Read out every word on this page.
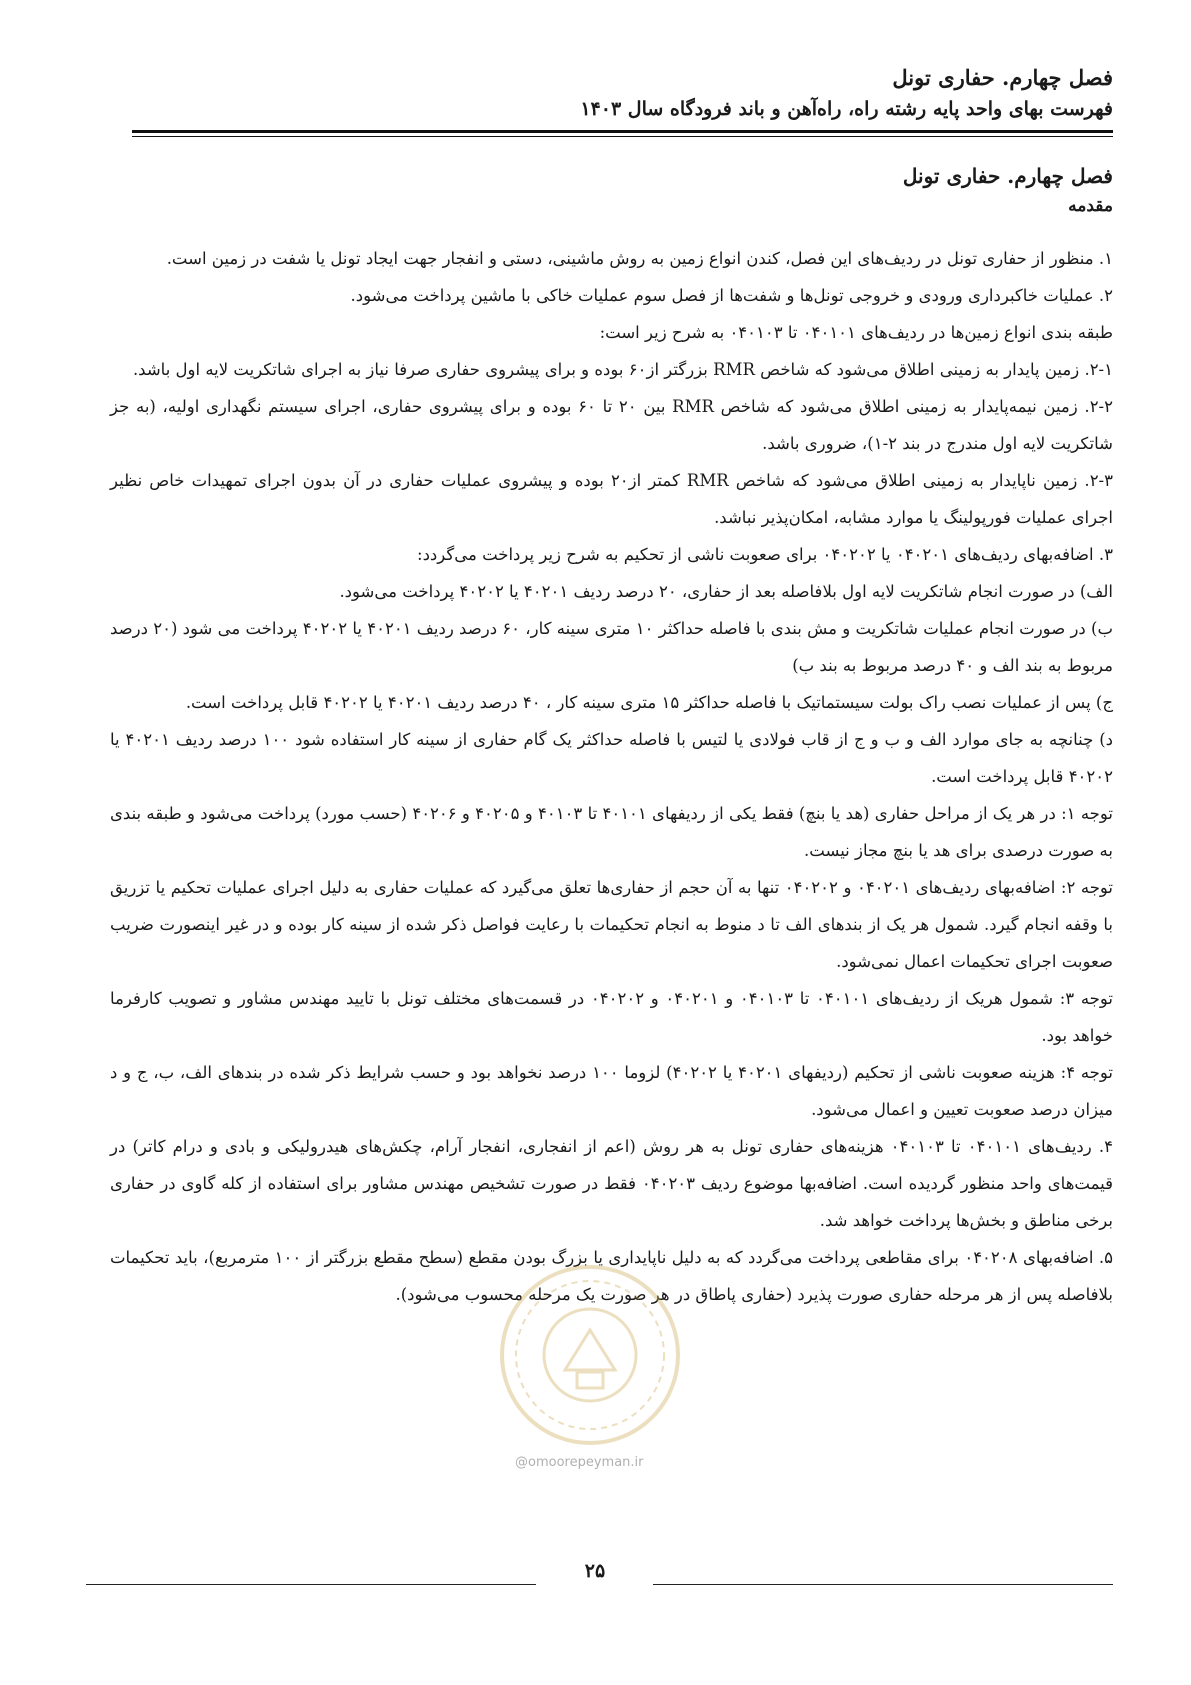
فصل چهارم. حفاری تونل
فهرست بهای واحد پایه رشته راه، راه‌آهن و باند فرودگاه سال ۱۴۰۳
فصل چهارم. حفاری تونل
مقدمه

۱. منظور از حفاری تونل در ردیف‌های این فصل، کندن انواع زمین به روش ماشینی، دستی و انفجار جهت ایجاد تونل یا شفت در زمین است.

۲. عملیات خاکبرداری ورودی و خروجی تونل‌ها و شفت‌ها از فصل سوم عملیات خاکی با ماشین پرداخت می‌شود.

طبقه بندی انواع زمین‌ها در ردیف‌های ۰۴۰۱۰۱ تا ۰۴۰۱۰۳ به شرح زیر است:

۲-۱. زمین پایدار به زمینی اطلاق می‌شود که شاخص RMR بزرگتر از۶۰ بوده و برای پیشروی حفاری صرفا نیاز به اجرای شاتکریت لایه اول باشد.

۲-۲. زمین نیمه‌پایدار به زمینی اطلاق می‌شود که شاخص RMR بین ۲۰ تا ۶۰ بوده و برای پیشروی حفاری، اجرای سیستم نگهداری اولیه، (به جز شاتکریت لایه اول مندرج در بند ۲-۱)، ضروری باشد.

۲-۳. زمین ناپایدار به زمینی اطلاق می‌شود که شاخص RMR کمتر از۲۰ بوده و پیشروی عملیات حفاری در آن بدون اجرای تمهیدات خاص نظیر اجرای عملیات فورپولینگ یا موارد مشابه، امکان‌پذیر نباشد.

۳. اضافه‌بهای ردیف‌های ۰۴۰۲۰۱ یا ۰۴۰۲۰۲ برای صعوبت ناشی از تحکیم به شرح زیر پرداخت می‌گردد:

الف) در صورت انجام شاتکریت لایه اول بلافاصله بعد از حفاری، ۲۰ درصد ردیف ۴۰۲۰۱ یا ۴۰۲۰۲ پرداخت می‌شود.

ب) در صورت انجام عملیات شاتکریت و مش بندی با فاصله حداکثر ۱۰ متری سینه کار، ۶۰ درصد ردیف ۴۰۲۰۱ یا ۴۰۲۰۲ پرداخت می شود (۲۰ درصد مربوط به بند الف و ۴۰ درصد مربوط به بند ب)

ج) پس از عملیات نصب راک بولت سیستماتیک با فاصله حداکثر ۱۵ متری سینه کار ، ۴۰ درصد ردیف ۴۰۲۰۱ یا ۴۰۲۰۲ قابل پرداخت است.

د) چنانچه به جای موارد الف و ب و ج از قاب فولادی یا لتیس با فاصله حداکثر یک گام حفاری از سینه کار استفاده شود ۱۰۰ درصد ردیف ۴۰۲۰۱ یا ۴۰۲۰۲ قابل پرداخت است.

توجه ۱: در هر یک از مراحل حفاری (هد یا بنچ) فقط یکی از ردیفهای ۴۰۱۰۱ تا ۴۰۱۰۳ و ۴۰۲۰۵ و ۴۰۲۰۶ (حسب مورد) پرداخت می‌شود و طبقه بندی به صورت درصدی برای هد یا بنچ مجاز نیست.

توجه ۲: اضافه‌بهای ردیف‌های ۰۴۰۲۰۱ و ۰۴۰۲۰۲ تنها به آن حجم از حفاری‌ها تعلق می‌گیرد که عملیات حفاری به دلیل اجرای عملیات تحکیم یا تزریق با وقفه انجام گیرد. شمول هر یک از بندهای الف تا د منوط به انجام تحکیمات با رعایت فواصل ذکر شده از سینه کار بوده و در غیر اینصورت ضریب صعوبت اجرای تحکیمات اعمال نمی‌شود.

توجه ۳: شمول هریک از ردیف‌های ۰۴۰۱۰۱ تا ۰۴۰۱۰۳ و ۰۴۰۲۰۱ و ۰۴۰۲۰۲ در قسمت‌های مختلف تونل با تایید مهندس مشاور و تصویب کارفرما خواهد بود.

توجه ۴: هزینه صعوبت ناشی از تحکیم (ردیفهای ۴۰۲۰۱ یا ۴۰۲۰۲) لزوما ۱۰۰ درصد نخواهد بود و حسب شرایط ذکر شده در بندهای الف، ب، ج و د میزان درصد صعوبت تعیین و اعمال می‌شود.

۴. ردیف‌های ۰۴۰۱۰۱ تا ۰۴۰۱۰۳ هزینه‌های حفاری تونل به هر روش (اعم از انفجاری، انفجار آرام، چکش‌های هیدرولیکی و بادی و درام کاتر) در قیمت‌های واحد منظور گردیده است. اضافه‌بها موضوع ردیف ۰۴۰۲۰۳ فقط در صورت تشخیص مهندس مشاور برای استفاده از کله گاوی در حفاری برخی مناطق و بخش‌ها پرداخت خواهد شد.

۵. اضافه‌بهای ۰۴۰۲۰۸ برای مقاطعی پرداخت می‌گردد که به دلیل ناپایداری یا بزرگ بودن مقطع (سطح مقطع بزرگتر از ۱۰۰ مترمربع)، باید تحکیمات بلافاصله پس از هر مرحله حفاری صورت پذیرد (حفاری پاطاق در هر صورت یک مرحله محسوب می‌شود).

@omoorepeyman.ir
۲۵
